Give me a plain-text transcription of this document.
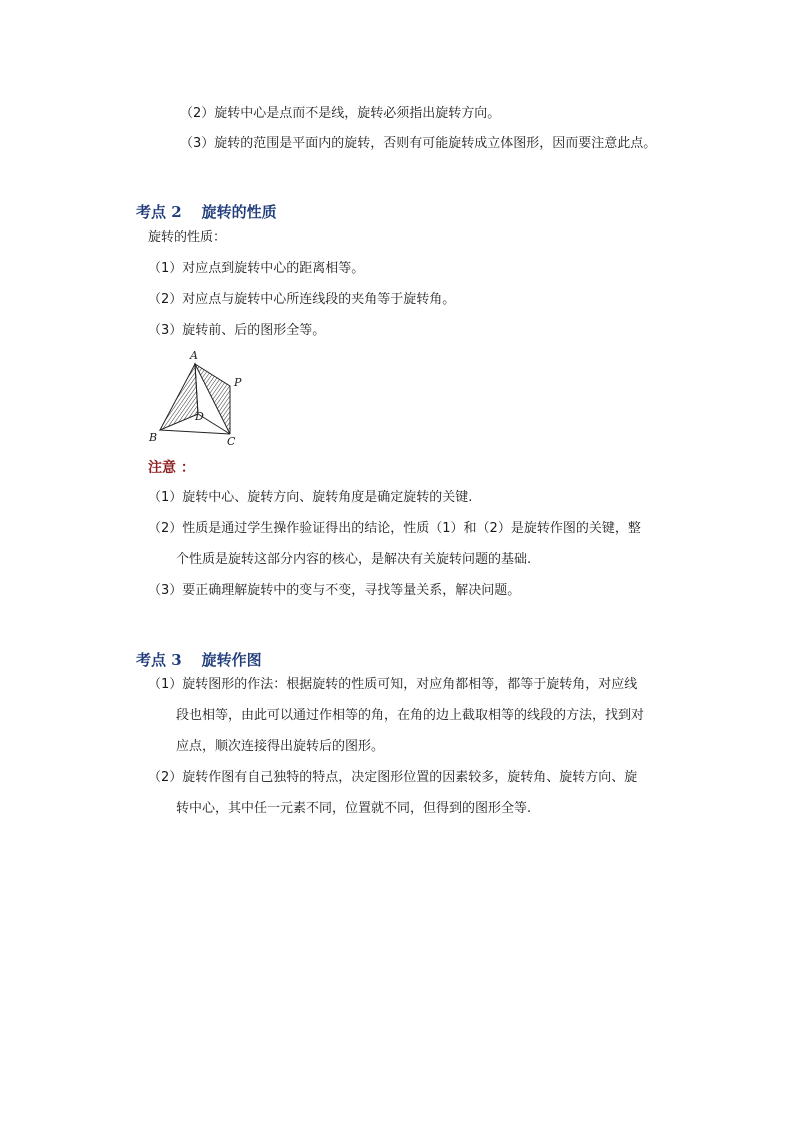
（2）旋转中心是点而不是线，旋转必须指出旋转方向。
（3）旋转的范围是平面内的旋转，否则有可能旋转成立体图形，因而要注意此点。
考点 2 旋转的性质
旋转的性质：
（1）对应点到旋转中心的距离相等。
（2）对应点与旋转中心所连线段的夹角等于旋转角。
（3）旋转前、后的图形全等。
A
P
D
B	C
注意 ：
（1）旋转中心、旋转方向、旋转角度是确定旋转的关键.
（2）性质是通过学生操作验证得出的结论，性质（1）和（2）是旋转作图的关键，整
个性质是旋转这部分内容的核心，是解决有关旋转问题的基础.
（3）要正确理解旋转中的变与不变，寻找等量关系，解决问题。
考点 3 旋转作图
（1）旋转图形的作法：根据旋转的性质可知，对应角都相等，都等于旋转角，对应线
段也相等，由此可以通过作相等的角，在角的边上截取相等的线段的方法，找到对
应点，顺次连接得出旋转后的图形。
（2）旋转作图有自己独特的特点，决定图形位置的因素较多，旋转角、旋转方向、旋
转中心，其中任一元素不同，位置就不同，但得到的图形全等.
